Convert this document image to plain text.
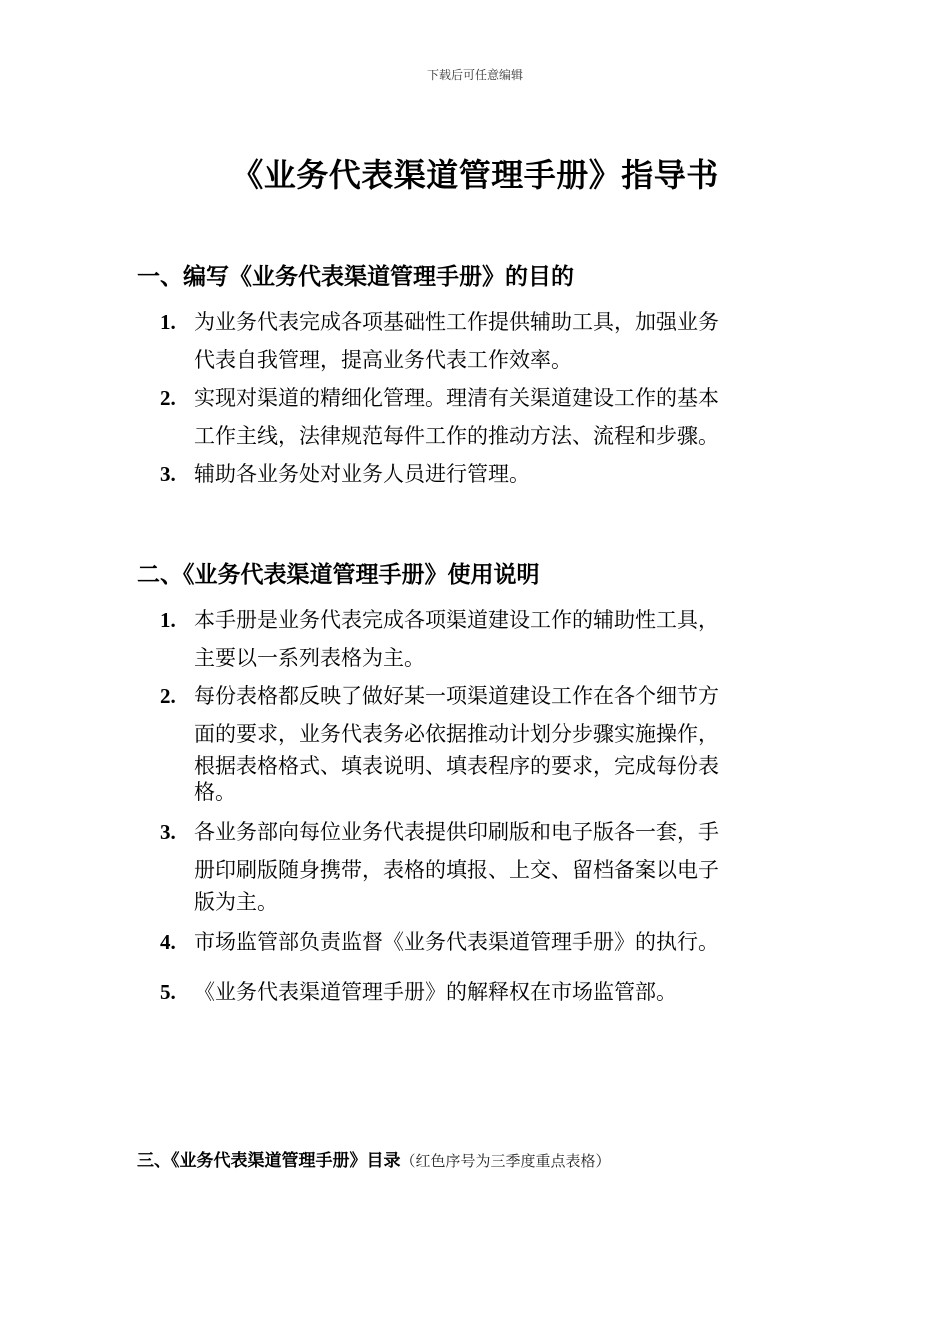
下载后可任意编辑
《业务代表渠道管理手册》指导书
一、编写《业务代表渠道管理手册》的目的
1. 为业务代表完成各项基础性工作提供辅助工具，加强业务
代表自我管理，提高业务代表工作效率。
2. 实现对渠道的精细化管理。理清有关渠道建设工作的基本
工作主线，法律规范每件工作的推动方法、流程和步骤。
3. 辅助各业务处对业务人员进行管理。
二、《业务代表渠道管理手册》使用说明
1. 本手册是业务代表完成各项渠道建设工作的辅助性工具，
主要以一系列表格为主。
2. 每份表格都反映了做好某一项渠道建设工作在各个细节方
面的要求，业务代表务必依据推动计划分步骤实施操作，
根据表格格式、填表说明、填表程序的要求，完成每份表
格。
3. 各业务部向每位业务代表提供印刷版和电子版各一套，手
册印刷版随身携带，表格的填报、上交、留档备案以电子
版为主。
4. 市场监管部负责监督《业务代表渠道管理手册》的执行。
5. 《业务代表渠道管理手册》的解释权在市场监管部。
三、《业务代表渠道管理手册》目录（红色序号为三季度重点表格）
